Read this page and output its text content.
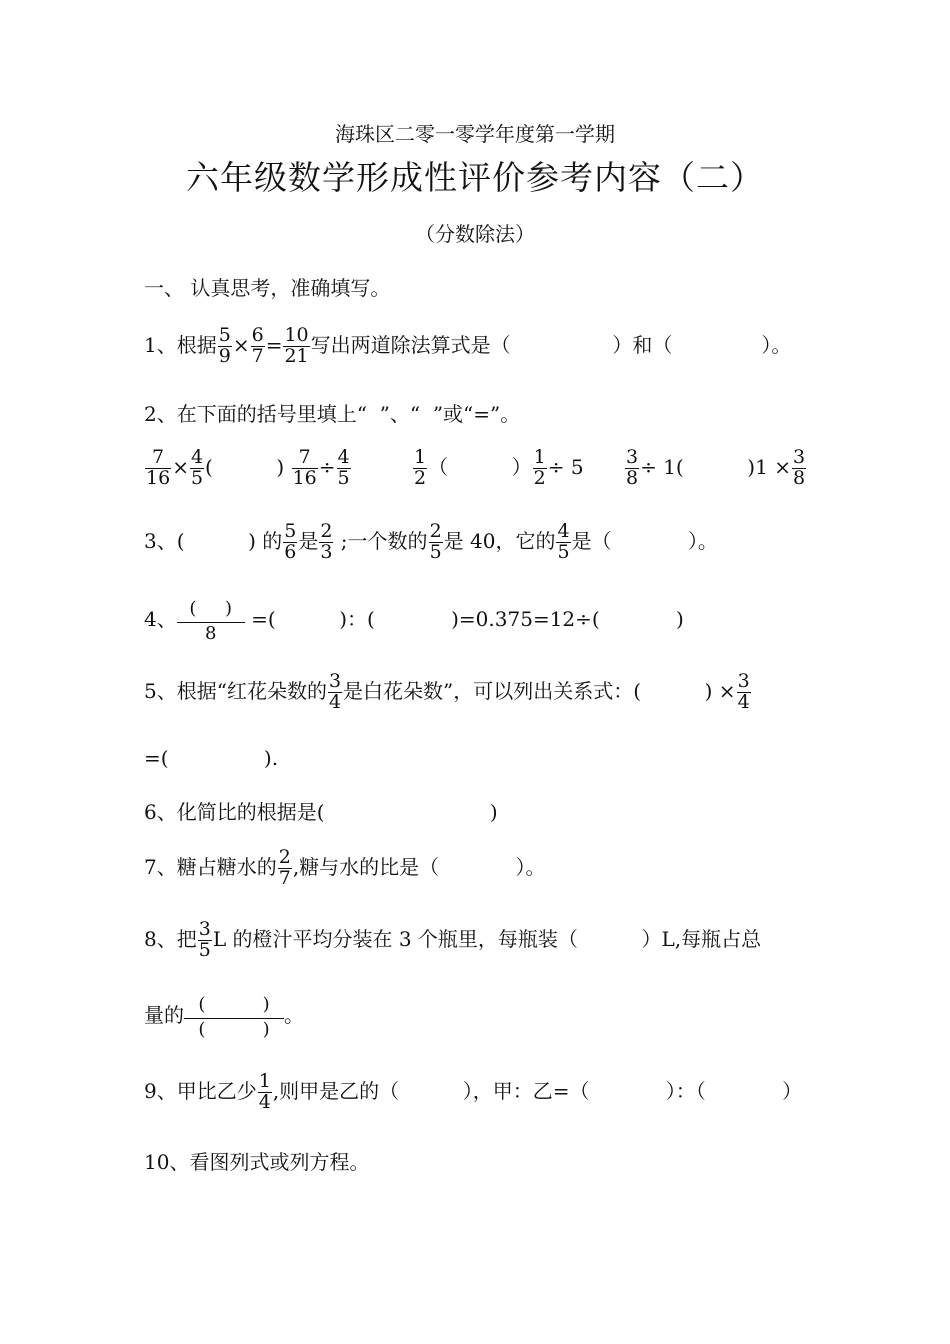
海珠区二零一零学年度第一学期
六年级数学形成性评价参考内容（二）
（分数除法）
一、 认真思考，准确填写。
1、根据 $\frac{5}{9} \times \frac{6}{7} = \frac{10}{21}$ 写出两道除法算式是（                ）和（              ）。
2、在下面的括号里填上“  ”、“  ”或“=”。
$\frac{7}{16} \times \frac{4}{5}$ (          ) $\frac{7}{16} \div \frac{4}{5}$	$\frac{1}{2}$ （          ） $\frac{1}{2} \div 5 \frac{3}{8} \div 1$(          )$1 \times \frac{3}{8}$
3、(          ) 的 $\frac{5}{6}$ 是 $\frac{2}{3}$ ;一个数的 $\frac{2}{5}$ 是 40，它的 $\frac{4}{5}$ 是（            ）。
4、 $\frac{( )}{8}$ =(          )：(            )=0.375=12÷(            )
5、根据“红花朵数的 $\frac{3}{4}$ 是白花朵数”，可以列出关系式：(          ) × $\frac{3}{4}$
=(               ).
6、化简比的根据是(                          )
7、糖占糖水的 $\frac{2}{7}$ ,糖与水的比是（            ）。
8、把 $\frac{3}{5}$ L 的橙汁平均分装在 3 个瓶里，每瓶装（          ）L,每瓶占总
量的 $\frac{( )}{( )}$ 。
9、甲比乙少 $\frac{1}{4}$ ,则甲是乙的（          ），甲：乙=（            ）：（            ）
10、看图列式或列方程。
